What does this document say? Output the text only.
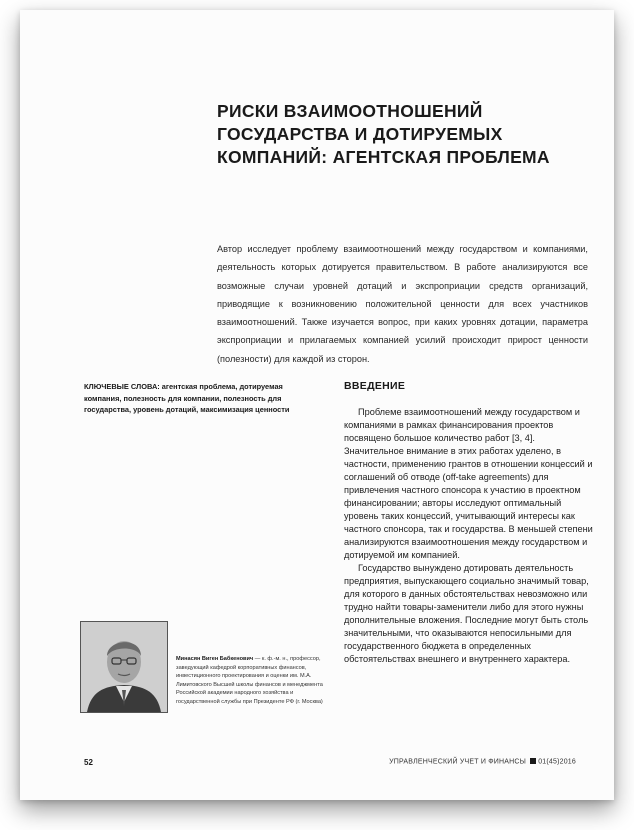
РИСКИ ВЗАИМООТНОШЕНИЙ ГОСУДАРСТВА И ДОТИРУЕМЫХ КОМПАНИЙ: АГЕНТСКАЯ ПРОБЛЕМА
Автор исследует проблему взаимоотношений между государством и компаниями, деятельность которых дотируется правительством. В работе анализируются все возможные случаи уровней дотаций и экспроприации средств организаций, приводящие к возникновению положительной ценности для всех участников взаимоотношений. Также изучается вопрос, при каких уровнях дотации, параметра экспроприации и прилагаемых компанией усилий происходит прирост ценности (полезности) для каждой из сторон.
КЛЮЧЕВЫЕ СЛОВА: агентская проблема, дотируемая компания, полезность для компании, полезность для государства, уровень дотаций, максимизация ценности
ВВЕДЕНИЕ

Проблеме взаимоотношений между государством и компаниями в рамках финансирования проектов посвящено большое количество работ [3, 4]. Значительное внимание в этих работах уделено, в частности, применению грантов в отношении концессий и соглашений об отводе (off-take agreements) для привлечения частного спонсора к участию в проектном финансировании; авторы исследуют оптимальный уровень таких концессий, учитывающий интересы как частного спонсора, так и государства. В меньшей степени анализируются взаимоотношения между государством и дотируемой им компанией.

Государство вынуждено дотировать деятельность предприятия, выпускающего социально значимый товар, для которого в данных обстоятельствах невозможно или трудно найти товары-заменители либо для этого нужны дополнительные вложения. Последние могут быть столь значительными, что оказываются непосильными для государственного бюджета в определенных обстоятельствах внешнего и внутреннего характера.

Минасян Виген Бабкенович — к. ф.-м. н., профессор, заведующий кафедрой корпоративных финансов, инвестиционного проектирования и оценки им. М.А. Лимитовского Высшей школы финансов и менеджмента Российской академии народного хозяйства и государственной службы при Президенте РФ (г. Москва)
52	УПРАВЛЕНЧЕСКИЙ УЧЕТ И ФИНАНСЫ 01(45)2016
